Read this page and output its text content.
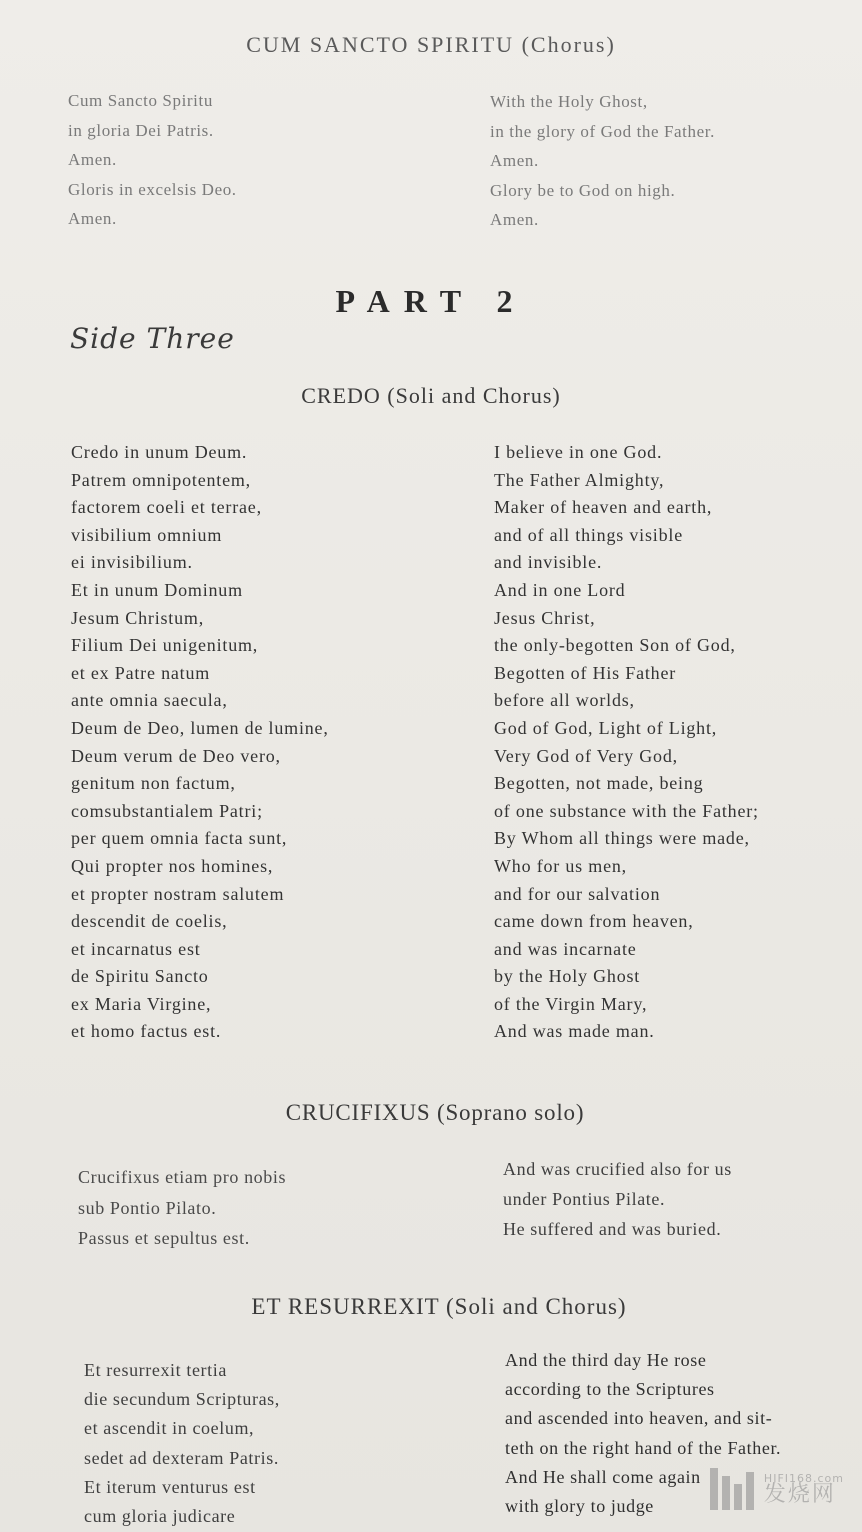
CUM SANCTO SPIRITU (Chorus)
Cum Sancto Spiritu
in gloria Dei Patris.
Amen.
Gloris in excelsis Deo.
Amen.
With the Holy Ghost,
in the glory of God the Father.
Amen.
Glory be to God on high.
Amen.
PART 2
Side Three
CREDO (Soli and Chorus)
Credo in unum Deum.
Patrem omnipotentem,
factorem coeli et terrae,
visibilium omnium
ei invisibilium.
Et in unum Dominum
Jesum Christum,
Filium Dei unigenitum,
et ex Patre natum
ante omnia saecula,
Deum de Deo, lumen de lumine,
Deum verum de Deo vero,
genitum non factum,
comsubstantialem Patri;
per quem omnia facta sunt,
Qui propter nos homines,
et propter nostram salutem
descendit de coelis,
et incarnatus est
de Spiritu Sancto
ex Maria Virgine,
et homo factus est.
I believe in one God.
The Father Almighty,
Maker of heaven and earth,
and of all things visible
and invisible.
And in one Lord
Jesus Christ,
the only-begotten Son of God,
Begotten of His Father
before all worlds,
God of God, Light of Light,
Very God of Very God,
Begotten, not made, being
of one substance with the Father;
By Whom all things were made,
Who for us men,
and for our salvation
came down from heaven,
and was incarnate
by the Holy Ghost
of the Virgin Mary,
And was made man.
CRUCIFIXUS (Soprano solo)
Crucifixus etiam pro nobis
sub Pontio Pilato.
Passus et sepultus est.
And was crucified also for us
under Pontius Pilate.
He suffered and was buried.
ET RESURREXIT (Soli and Chorus)
Et resurrexit tertia
die secundum Scripturas,
et ascendit in coelum,
sedet ad dexteram Patris.
Et iterum venturus est
cum gloria judicare
And the third day He rose
according to the Scriptures
and ascended into heaven, and sit-
teth on the right hand of the Father.
And He shall come again
with glory to judge
HIFI168.com
发烧网
